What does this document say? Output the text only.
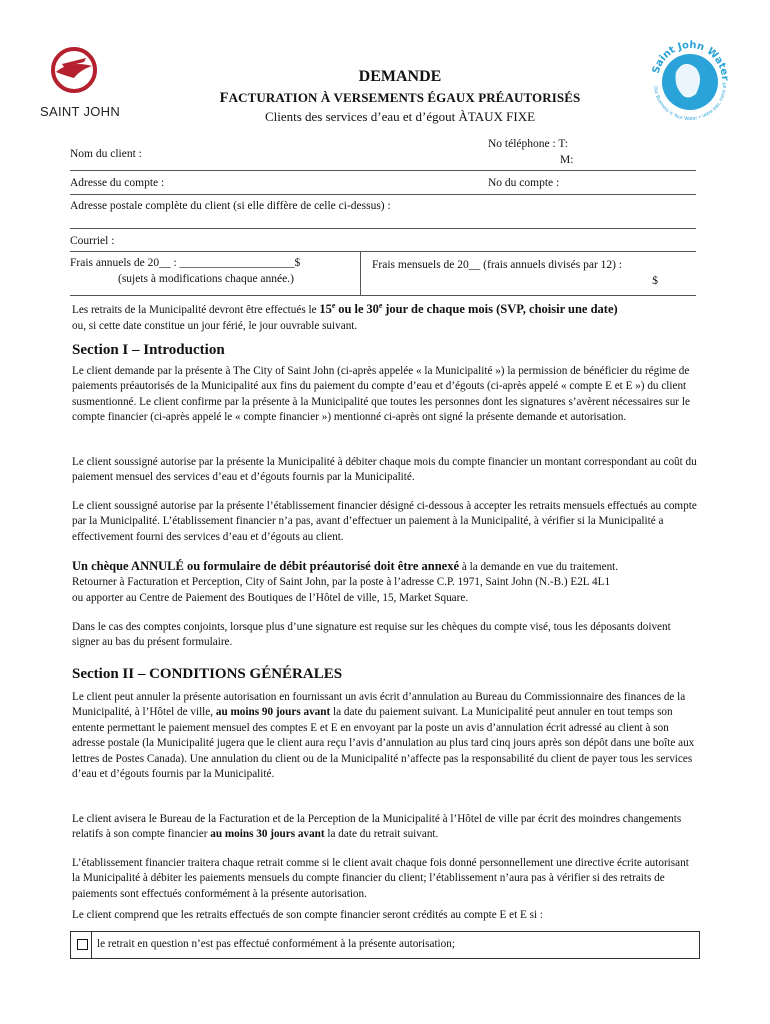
SAINT JOHN
Saint John Water
Our Business is Your Water • Votre eau, notre aff
DEMANDE
FACTURATION À VERSEMENTS ÉGAUX PRÉAUTORISÉS
Clients des services d’eau et d’égout ÀTAUX FIXE
Nom du client :
No téléphone : T:
M:
Adresse du compte :	No du compte :
Adresse postale complète du client (si elle diffère de celle ci-dessus) :
Courriel :
Frais annuels de 20__ : ____________________$
(sujets à modifications chaque année.)
Frais mensuels de 20__ (frais annuels divisés par 12) :
$
Les retraits de la Municipalité devront être effectués le 15e ou le 30e jour de chaque mois (SVP, choisir une date)
ou, si cette date constitue un jour férié, le jour ouvrable suivant.
Section I – Introduction
Le client demande par la présente à The City of Saint John (ci-après appelée « la Municipalité ») la permission de bénéficier du régime de paiements préautorisés de la Municipalité aux fins du paiement du compte d’eau et d’égouts (ci-après appelé « compte E et E ») du client susmentionné. Le client confirme par la présente à la Municipalité que toutes les personnes dont les signatures s’avèrent nécessaires sur le compte financier (ci-après appelé le « compte financier ») mentionné ci-après ont signé la présente demande et autorisation.
Le client soussigné autorise par la présente la Municipalité à débiter chaque mois du compte financier un montant correspondant au coût du paiement mensuel des services d’eau et d’égouts fournis par la Municipalité.
Le client soussigné autorise par la présente l’établissement financier désigné ci-dessous à accepter les retraits mensuels effectués au compte par la Municipalité. L’établissement financier n’a pas, avant d’effectuer un paiement à la Municipalité, à vérifier si la Municipalité a effectivement fourni des services d’eau et d’égouts au client.
Un chèque ANNULÉ ou formulaire de débit préautorisé doit être annexé à la demande en vue du traitement.
Retourner à Facturation et Perception, City of Saint John, par la poste à l’adresse C.P. 1971, Saint John (N.-B.) E2L 4L1
ou apporter au Centre de Paiement des Boutiques de l’Hôtel de ville, 15, Market Square.
Dans le cas des comptes conjoints, lorsque plus d’une signature est requise sur les chèques du compte visé, tous les déposants doivent signer au bas du présent formulaire.
Section II – CONDITIONS GÉNÉRALES
Le client peut annuler la présente autorisation en fournissant un avis écrit d’annulation au Bureau du Commissionnaire des finances de la Municipalité, à l’Hôtel de ville, au moins 90 jours avant la date du paiement suivant. La Municipalité peut annuler en tout temps son entente permettant le paiement mensuel des comptes E et E en envoyant par la poste un avis d’annulation écrit adressé au client à son adresse postale (la Municipalité jugera que le client aura reçu l’avis d’annulation au plus tard cinq jours après son dépôt dans une boîte aux lettres de Postes Canada). Une annulation du client ou de la Municipalité n’affecte pas la responsabilité du client de payer tous les services d’eau et d’égouts fournis par la Municipalité.
Le client avisera le Bureau de la Facturation et de la Perception de la Municipalité à l’Hôtel de ville par écrit des moindres changements relatifs à son compte financier au moins 30 jours avant la date du retrait suivant.
L’établissement financier traitera chaque retrait comme si le client avait chaque fois donné personnellement une directive écrite autorisant la Municipalité à débiter les paiements mensuels du compte financier du client; l’établissement n’aura pas à vérifier si des retraits de paiements sont effectués conformément à la présente autorisation.
Le client comprend que les retraits effectués de son compte financier seront crédités au compte E et E si :
le retrait en question n’est pas effectué conformément à la présente autorisation;
